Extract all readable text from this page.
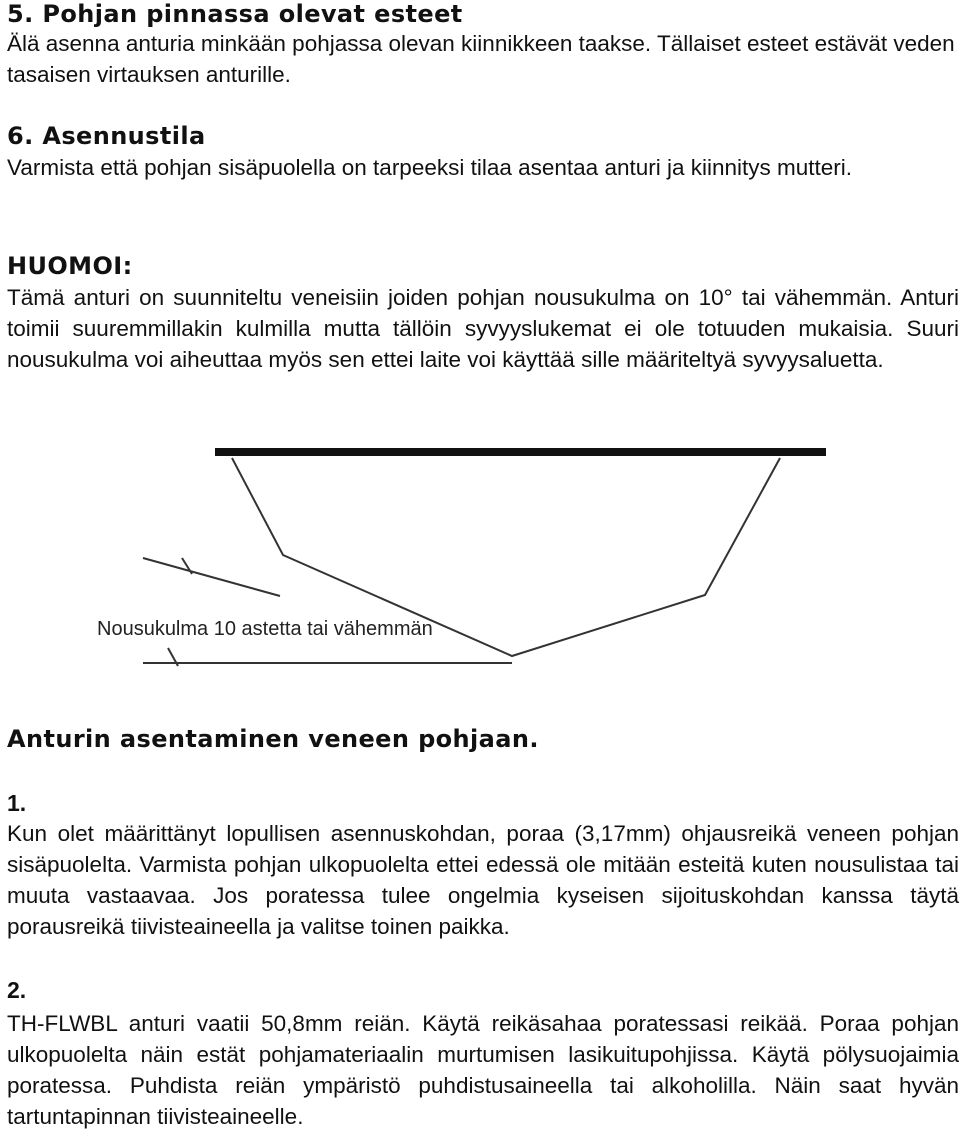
5. Pohjan pinnassa olevat esteet

Älä asenna anturia minkään pohjassa olevan kiinnikkeen taakse. Tällaiset esteet estävät veden tasaisen virtauksen anturille.

6. Asennustila

Varmista että pohjan sisäpuolella on tarpeeksi tilaa asentaa anturi ja kiinnitys mutteri.

HUOMOI:

Tämä anturi on suunniteltu veneisiin joiden pohjan nousukulma on 10° tai vähemmän. Anturi toimii suuremmillakin kulmilla mutta tällöin syvyyslukemat ei ole totuuden mukaisia. Suuri nousukulma voi aiheuttaa myös sen ettei laite voi käyttää sille määriteltyä syvyysaluetta.

Nousukulma 10 astetta tai vähemmän
Anturin asentaminen veneen pohjaan.
1.

Kun olet määrittänyt lopullisen asennuskohdan, poraa (3,17mm) ohjausreikä veneen pohjan sisäpuolelta. Varmista pohjan ulkopuolelta ettei edessä ole mitään esteitä kuten nousulistaa tai muuta vastaavaa. Jos poratessa tulee ongelmia kyseisen sijoituskohdan kanssa täytä porausreikä tiivisteaineella ja valitse toinen paikka.

2.

TH-FLWBL anturi vaatii 50,8mm reiän. Käytä reikäsahaa poratessasi reikää. Poraa pohjan ulkopuolelta näin estät pohjamateriaalin murtumisen lasikuitupohjissa. Käytä pölysuojaimia poratessa. Puhdista reiän ympäristö puhdistusaineella tai alkoholilla. Näin saat hyvän tartuntapinnan tiivisteaineelle.
